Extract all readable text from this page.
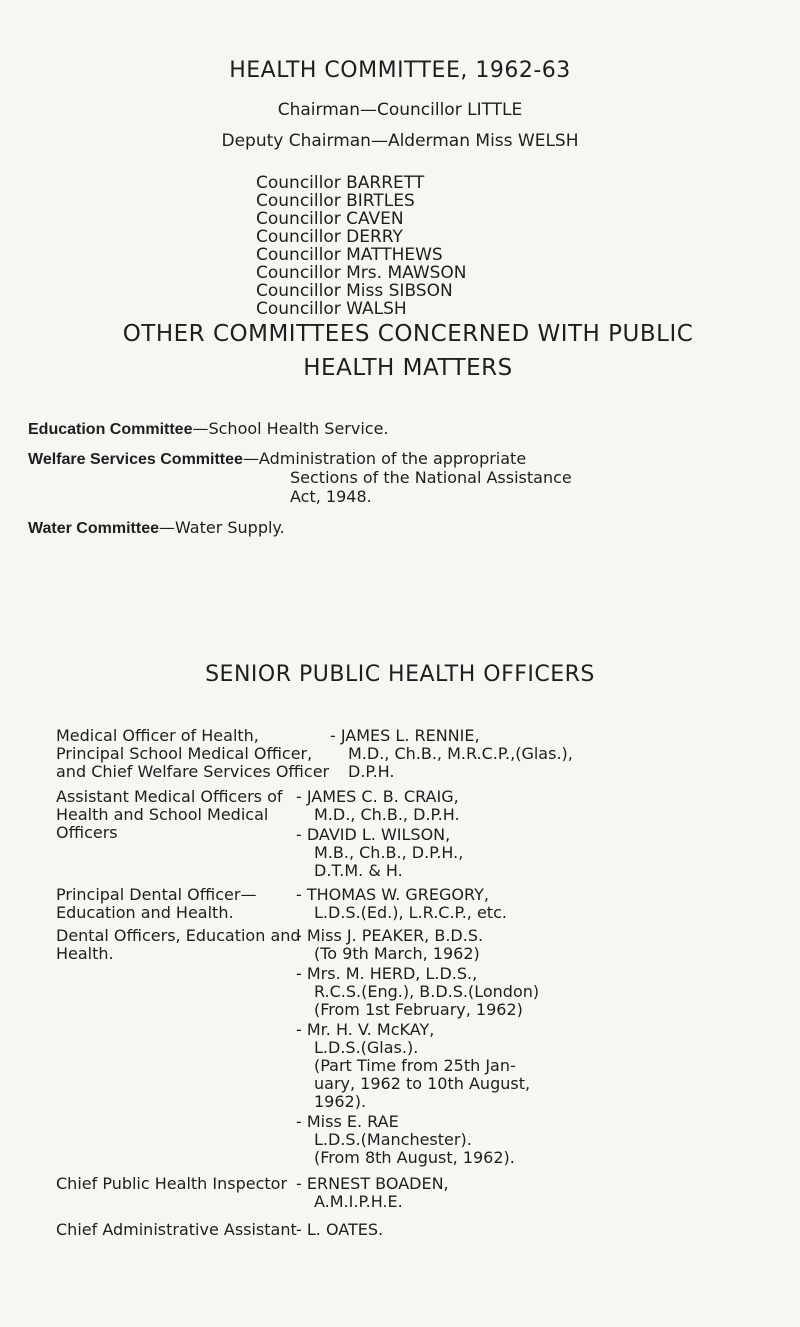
HEALTH COMMITTEE, 1962-63
Chairman—Councillor LITTLE
Deputy Chairman—Alderman Miss WELSH
Councillor BARRETT
Councillor BIRTLES
Councillor CAVEN
Councillor DERRY
Councillor MATTHEWS
Councillor Mrs. MAWSON
Councillor Miss SIBSON
Councillor WALSH
OTHER COMMITTEES CONCERNED WITH PUBLIC
HEALTH MATTERS
Education Committee—School Health Service.
Welfare Services Committee—Administration of the appropriate
Sections of the National Assistance
Act, 1948.
Water Committee—Water Supply.
SENIOR PUBLIC HEALTH OFFICERS
Medical Officer of Health,
Principal School Medical Officer,
and Chief Welfare Services Officer
- JAMES L. RENNIE,
M.D., Ch.B., M.R.C.P.,(Glas.),
D.P.H.
Assistant Medical Officers of
Health and School Medical
Officers
- JAMES C. B. CRAIG,
M.D., Ch.B., D.P.H.
- DAVID L. WILSON,
M.B., Ch.B., D.P.H.,
D.T.M. & H.
Principal Dental Officer—
Education and Health.
- THOMAS W. GREGORY,
L.D.S.(Ed.), L.R.C.P., etc.
Dental Officers, Education and
Health.
- Miss J. PEAKER, B.D.S.
(To 9th March, 1962)
- Mrs. M. HERD, L.D.S.,
R.C.S.(Eng.), B.D.S.(London)
(From 1st February, 1962)
- Mr. H. V. McKAY,
L.D.S.(Glas.).
(Part Time from 25th Jan-
uary, 1962 to 10th August,
1962).
- Miss E. RAE
L.D.S.(Manchester).
(From 8th August, 1962).
Chief Public Health Inspector - ERNEST BOADEN,
A.M.I.P.H.E.
Chief Administrative Assistant - L. OATES.
